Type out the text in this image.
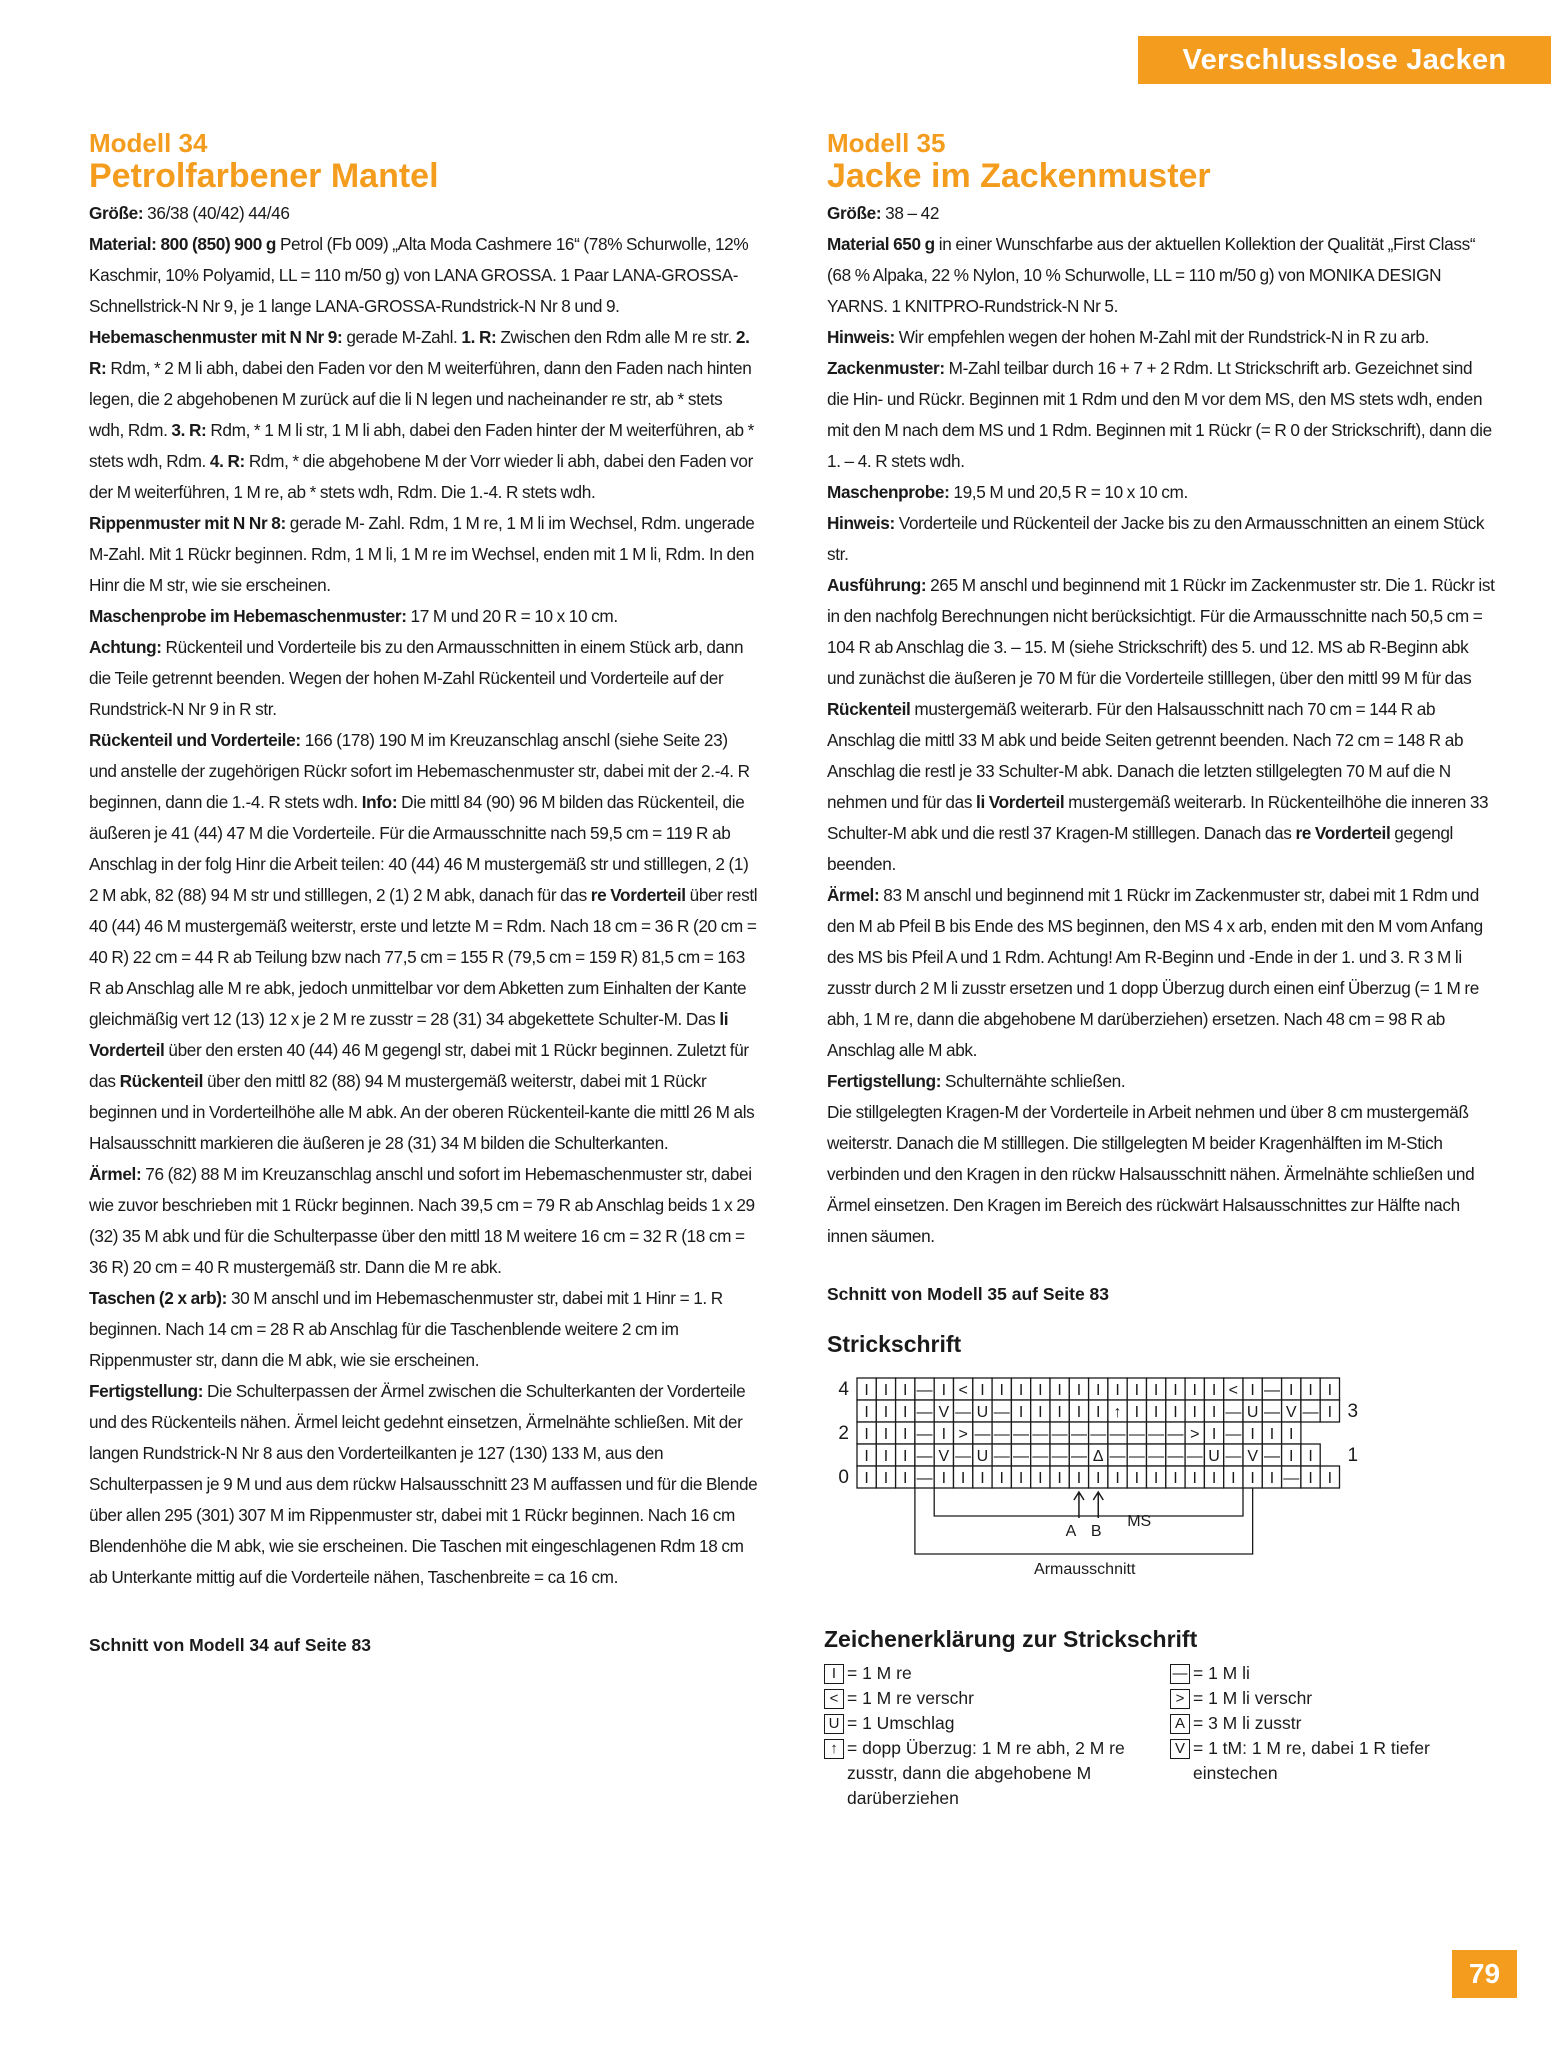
Verschlusslose Jacken
Modell 34
Petrolfarbener Mantel

Größe: 36/38 (40/42) 44/46

Material: 800 (850) 900 g Petrol (Fb 009) „Alta Moda Cashmere 16“ (78% Schurwolle, 12% Kaschmir, 10% Polyamid, LL = 110 m/50 g) von LANA GROSSA. 1 Paar LANA-GROSSA-Schnellstrick-N Nr 9, je 1 lange LANA-GROSSA-Rundstrick-N Nr 8 und 9.

Hebemaschenmuster mit N Nr 9: gerade M-Zahl. 1. R: Zwischen den Rdm alle M re str. 2. R: Rdm, * 2 M li abh, dabei den Faden vor den M weiterführen, dann den Faden nach hinten legen, die 2 abgehobenen M zurück auf die li N legen und nacheinander re str, ab * stets wdh, Rdm. 3. R: Rdm, * 1 M li str, 1 M li abh, dabei den Faden hinter der M weiterführen, ab * stets wdh, Rdm. 4. R: Rdm, * die abgehobene M der Vorr wieder li abh, dabei den Faden vor der M weiterführen, 1 M re, ab * stets wdh, Rdm. Die 1.-4. R stets wdh.

Rippenmuster mit N Nr 8: gerade M- Zahl. Rdm, 1 M re, 1 M li im Wechsel, Rdm. ungerade M-Zahl. Mit 1 Rückr beginnen. Rdm, 1 M li, 1 M re im Wechsel, enden mit 1 M li, Rdm. In den Hinr die M str, wie sie erscheinen.

Maschenprobe im Hebemaschenmuster: 17 M und 20 R = 10 x 10 cm.

Achtung: Rückenteil und Vorderteile bis zu den Armausschnitten in einem Stück arb, dann die Teile getrennt beenden. Wegen der hohen M-Zahl Rückenteil und Vorderteile auf der Rundstrick-N Nr 9 in R str.

Rückenteil und Vorderteile: 166 (178) 190 M im Kreuzanschlag anschl (siehe Seite 23) und anstelle der zugehörigen Rückr sofort im Hebemaschenmuster str, dabei mit der 2.-4. R beginnen, dann die 1.-4. R stets wdh. Info: Die mittl 84 (90) 96 M bilden das Rückenteil, die äußeren je 41 (44) 47 M die Vorderteile. Für die Armausschnitte nach 59,5 cm = 119 R ab Anschlag in der folg Hinr die Arbeit teilen: 40 (44) 46 M mustergemäß str und stilllegen, 2 (1) 2 M abk, 82 (88) 94 M str und stilllegen, 2 (1) 2 M abk, danach für das re Vorderteil über restl 40 (44) 46 M mustergemäß weiterstr, erste und letzte M = Rdm. Nach 18 cm = 36 R (20 cm = 40 R) 22 cm = 44 R ab Teilung bzw nach 77,5 cm = 155 R (79,5 cm = 159 R) 81,5 cm = 163 R ab Anschlag alle M re abk, jedoch unmittelbar vor dem Abketten zum Einhalten der Kante gleichmäßig vert 12 (13) 12 x je 2 M re zusstr = 28 (31) 34 abgekettete Schulter-M. Das li Vorderteil über den ersten 40 (44) 46 M gegengl str, dabei mit 1 Rückr beginnen. Zuletzt für das Rückenteil über den mittl 82 (88) 94 M mustergemäß weiterstr, dabei mit 1 Rückr beginnen und in Vorderteilhöhe alle M abk. An der oberen Rückenteil-kante die mittl 26 M als Halsausschnitt markieren die äußeren je 28 (31) 34 M bilden die Schulterkanten.

Ärmel: 76 (82) 88 M im Kreuzanschlag anschl und sofort im Hebemaschenmuster str, dabei wie zuvor beschrieben mit 1 Rückr beginnen. Nach 39,5 cm = 79 R ab Anschlag beids 1 x 29 (32) 35 M abk und für die Schulterpasse über den mittl 18 M weitere 16 cm = 32 R (18 cm = 36 R) 20 cm = 40 R mustergemäß str. Dann die M re abk.

Taschen (2 x arb): 30 M anschl und im Hebemaschenmuster str, dabei mit 1 Hinr = 1. R beginnen. Nach 14 cm = 28 R ab Anschlag für die Taschenblende weitere 2 cm im Rippenmuster str, dann die M abk, wie sie erscheinen.

Fertigstellung: Die Schulterpassen der Ärmel zwischen die Schulterkanten der Vorderteile und des Rückenteils nähen. Ärmel leicht gedehnt einsetzen, Ärmelnähte schließen. Mit der langen Rundstrick-N Nr 8 aus den Vorderteilkanten je 127 (130) 133 M, aus den Schulterpassen je 9 M und aus dem rückw Halsausschnitt 23 M auffassen und für die Blende über allen 295 (301) 307 M im Rippenmuster str, dabei mit 1 Rückr beginnen. Nach 16 cm Blendenhöhe die M abk, wie sie erscheinen. Die Taschen mit eingeschlagenen Rdm 18 cm ab Unterkante mittig auf die Vorderteile nähen, Taschenbreite = ca 16 cm.

Schnitt von Modell 34 auf Seite 83
Modell 35
Jacke im Zackenmuster

Größe: 38 – 42

Material 650 g in einer Wunschfarbe aus der aktuellen Kollektion der Qualität „First Class“ (68 % Alpaka, 22 % Nylon, 10 % Schurwolle, LL = 110 m/50 g) von MONIKA DESIGN YARNS. 1 KNITPRO-Rundstrick-N Nr 5.

Hinweis: Wir empfehlen wegen der hohen M-Zahl mit der Rundstrick-N in R zu arb.

Zackenmuster: M-Zahl teilbar durch 16 + 7 + 2 Rdm. Lt Strickschrift arb. Gezeichnet sind die Hin- und Rückr. Beginnen mit 1 Rdm und den M vor dem MS, den MS stets wdh, enden mit den M nach dem MS und 1 Rdm. Beginnen mit 1 Rückr (= R 0 der Strickschrift), dann die 1. – 4. R stets wdh.

Maschenprobe: 19,5 M und 20,5 R = 10 x 10 cm.

Hinweis: Vorderteile und Rückenteil der Jacke bis zu den Armausschnitten an einem Stück str.

Ausführung: 265 M anschl und beginnend mit 1 Rückr im Zackenmuster str. Die 1. Rückr ist in den nachfolg Berechnungen nicht berücksichtigt. Für die Armausschnitte nach 50,5 cm = 104 R ab Anschlag die 3. – 15. M (siehe Strickschrift) des 5. und 12. MS ab R-Beginn abk und zunächst die äußeren je 70 M für die Vorderteile stilllegen, über den mittl 99 M für das Rückenteil mustergemäß weiterarb. Für den Halsausschnitt nach 70 cm = 144 R ab Anschlag die mittl 33 M abk und beide Seiten getrennt beenden. Nach 72 cm = 148 R ab Anschlag die restl je 33 Schulter-M abk. Danach die letzten stillgelegten 70 M auf die N nehmen und für das li Vorderteil mustergemäß weiterarb. In Rückenteilhöhe die inneren 33 Schulter-M abk und die restl 37 Kragen-M stilllegen. Danach das re Vorderteil gegengl beenden.

Ärmel: 83 M anschl und beginnend mit 1 Rückr im Zackenmuster str, dabei mit 1 Rdm und den M ab Pfeil B bis Ende des MS beginnen, den MS 4 x arb, enden mit den M vom Anfang des MS bis Pfeil A und 1 Rdm. Achtung! Am R-Beginn und -Ende in der 1. und 3. R 3 M li zusstr durch 2 M li zusstr ersetzen und 1 dopp Überzug durch einen einf Überzug (= 1 M re abh, 1 M re, dann die abgehobene M darüberziehen) ersetzen. Nach 48 cm = 98 R ab Anschlag alle M abk.

Fertigstellung: Schulternähte schließen.

Die stillgelegten Kragen-M der Vorderteile in Arbeit nehmen und über 8 cm mustergemäß weiterstr. Danach die M stilllegen. Die stillgelegten M beider Kragenhälften im M-Stich verbinden und den Kragen in den rückw Halsausschnitt nähen. Ärmelnähte schließen und Ärmel einsetzen. Den Kragen im Bereich des rückwärt Halsausschnittes zur Hälfte nach innen säumen.

Schnitt von Modell 35 auf Seite 83
Strickschrift
4 I I I — I < I I I I I I I I I I I I I < I — I I I
3
I I I — V — U — I I I I I ↑ I I I I I — U — V — I
2 I I I — I > — — — — — — — — — — — > I — I I I
1
I I I — V — U — — — — — Δ — — — — — U — V — I I
0 I I I — I I I I I I I I I I I I I I I I I I — I I
MS
A B
Armausschnitt
Zeichenerklärung zur Strickschrift
I = 1 M re
< = 1 M re verschr
U = 1 Umschlag
↑ = dopp Überzug: 1 M re abh, 2 M re zusstr, dann die abgehobene M darüberziehen
— = 1 M li
> = 1 M li verschr
A = 3 M li zusstr
V = 1 tM: 1 M re, dabei 1 R tiefer einstechen
79
